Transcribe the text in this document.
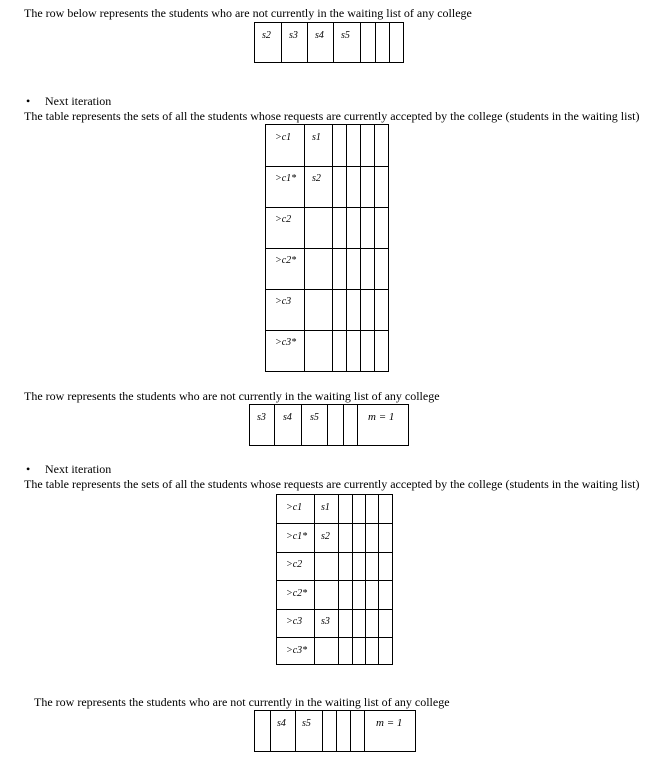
The row below represents the students who are not currently in the waiting list of any college
s2 s3 s4 s5
• Next iteration
The table represents the sets of all the students whose requests are currently accepted by the college (students in the waiting list)
>c1 s1
>c1* s2
>c2
>c2*
>c3
>c3*
The row represents the students who are not currently in the waiting list of any college
s3 s4 s5	m = 1
• Next iteration
The table represents the sets of all the students whose requests are currently accepted by the college (students in the waiting list)
>c1 s1
>c1* s2
>c2
>c2*
>c3 s3
>c3*
The row represents the students who are not currently in the waiting list of any college
s4 s5	m = 1
